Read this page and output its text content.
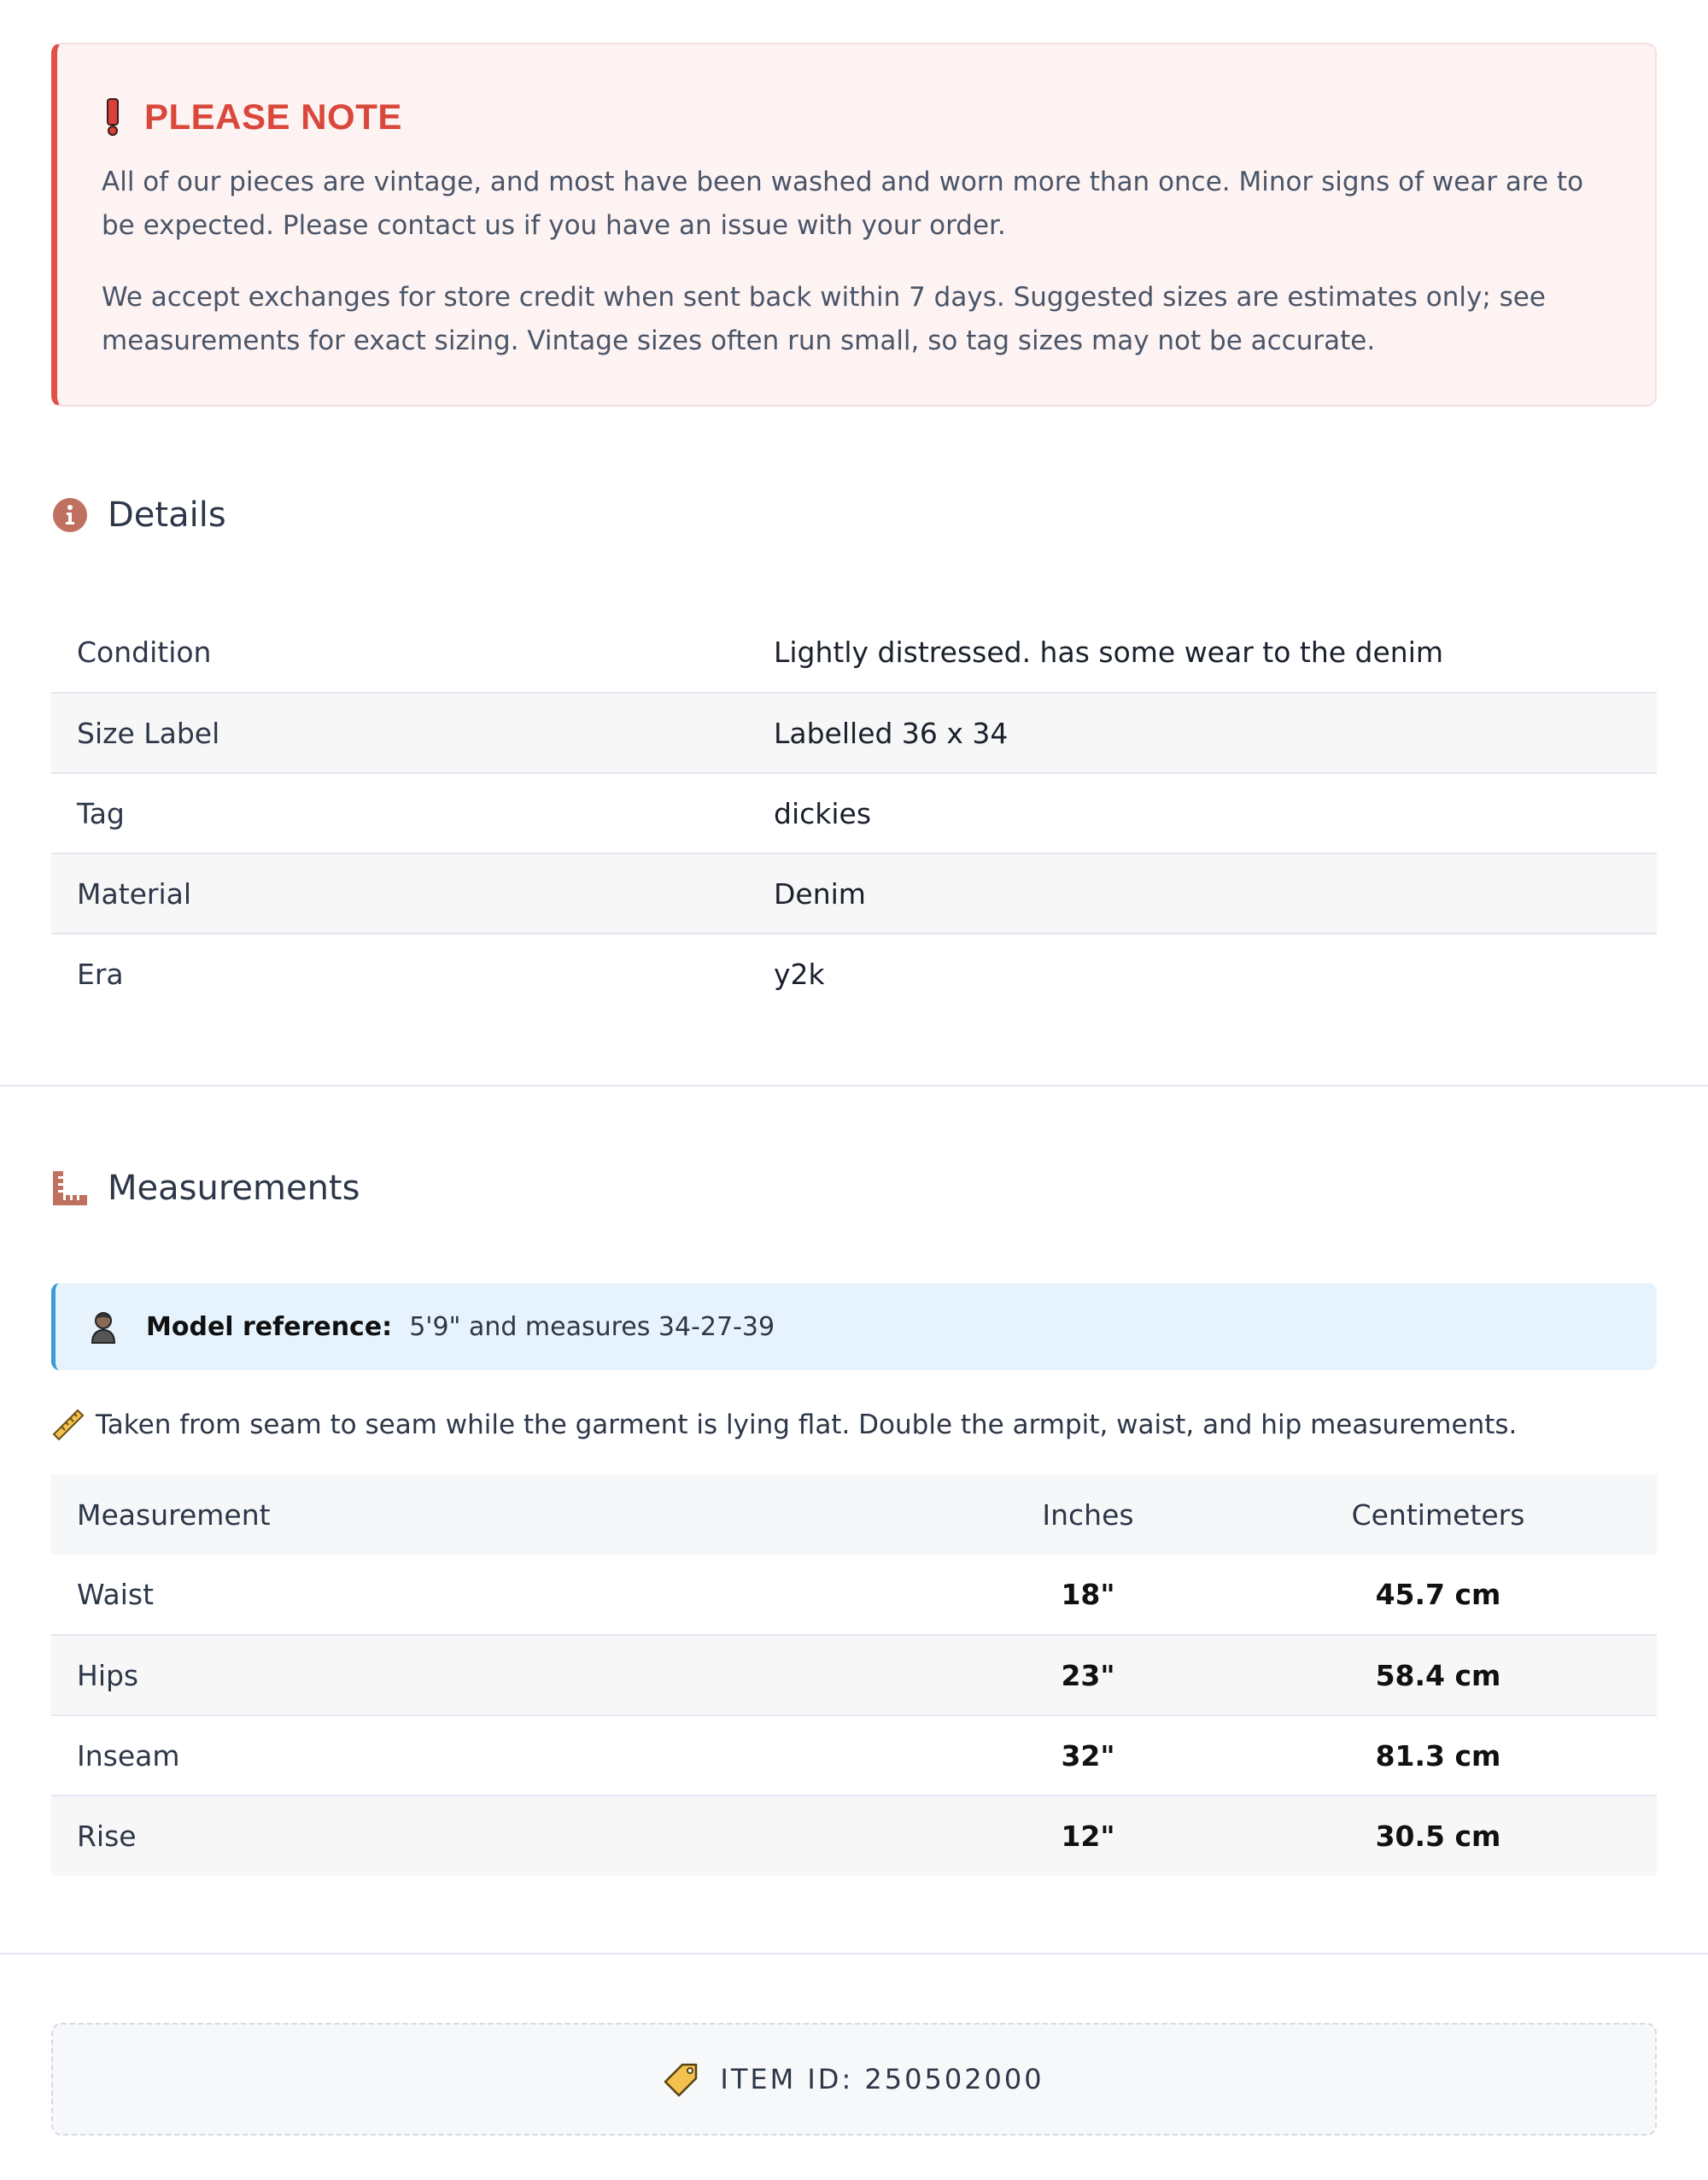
PLEASE NOTE

All of our pieces are vintage, and most have been washed and worn more than once. Minor signs of wear are to be expected. Please contact us if you have an issue with your order.

We accept exchanges for store credit when sent back within 7 days. Suggested sizes are estimates only; see measurements for exact sizing. Vintage sizes often run small, so tag sizes may not be accurate.

Details
Condition	Lightly distressed. has some wear to the denim
Size Label	Labelled 36 x 34
Tag	dickies
Material	Denim
Era	y2k
Measurements
Model reference: 5'9" and measures 34-27-39
Taken from seam to seam while the garment is lying flat. Double the armpit, waist, and hip measurements.
Measurement	Inches	Centimeters
Waist	18"	45.7 cm
Hips	23"	58.4 cm
Inseam	32"	81.3 cm
Rise	12"	30.5 cm
ITEM ID: 250502000
